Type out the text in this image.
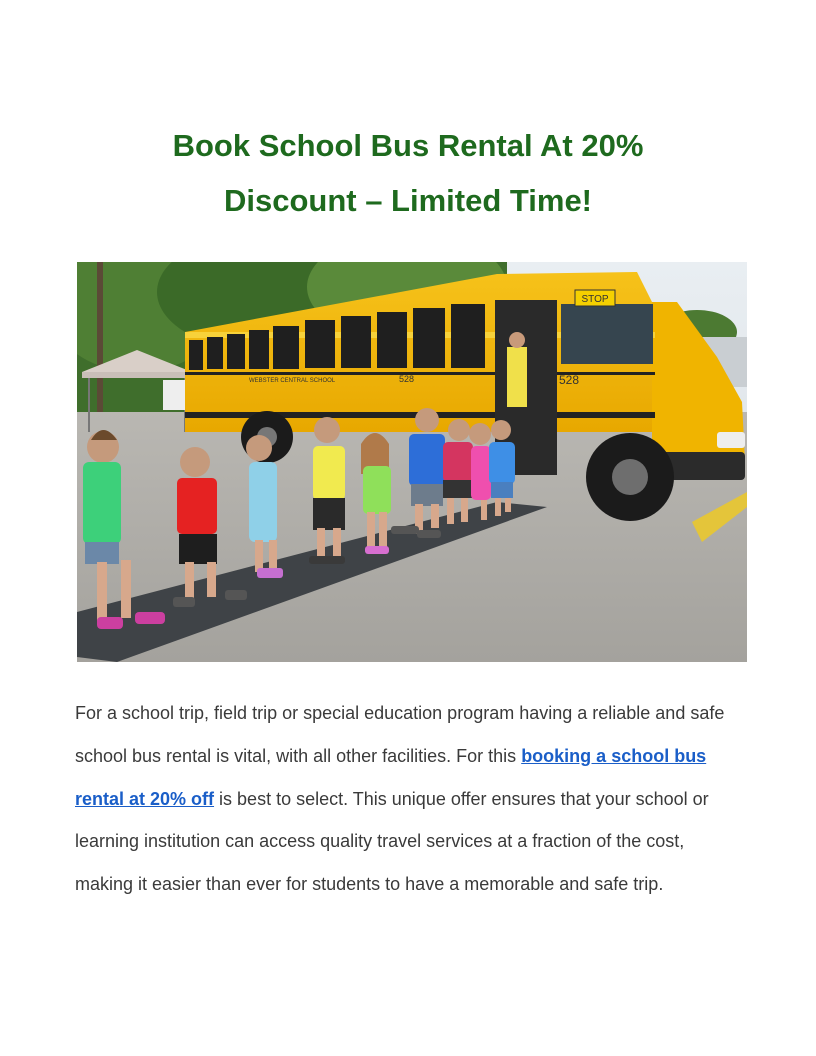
Book School Bus Rental At 20%
Discount – Limited Time!
STOP
528	528
WEBSTER CENTRAL SCHOOL

For a school trip, field trip or special education program having a reliable and safe school bus rental is vital, with all other facilities. For this booking a school bus rental at 20% off is best to select. This unique offer ensures that your school or learning institution can access quality travel services at a fraction of the cost, making it easier than ever for students to have a memorable and safe trip.
